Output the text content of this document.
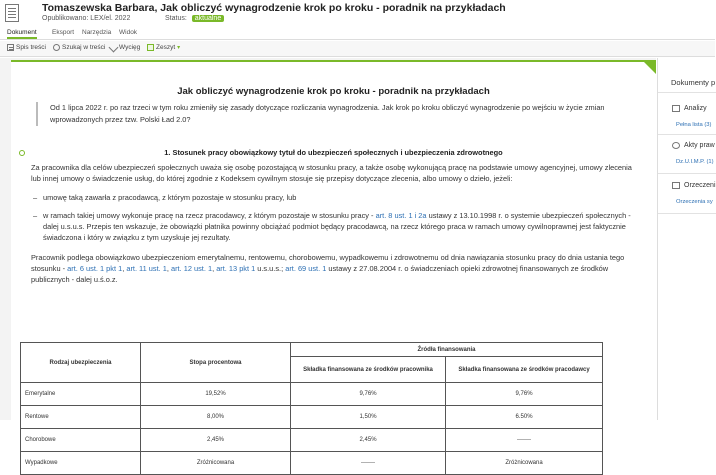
Tomaszewska Barbara, Jak obliczyć wynagrodzenie krok po kroku - poradnik na przykładach
Opublikowano: LEX/el. 2022	Status: aktualne
Dokument Eksport Narzędzia Widok
Spis treści Szukaj w treści Wycięg Zeszyt ▾
Jak obliczyć wynagrodzenie krok po kroku - poradnik na przykładach
Od 1 lipca 2022 r. po raz trzeci w tym roku zmieniły się zasady dotyczące rozliczania wynagrodzenia. Jak krok po kroku obliczyć wynagrodzenie po wejściu w życie zmian wprowadzonych przez tzw. Polski Ład 2.0?
1. Stosunek pracy obowiązkowy tytuł do ubezpieczeń społecznych i ubezpieczenia zdrowotnego
Za pracownika dla celów ubezpieczeń społecznych uważa się osobę pozostającą w stosunku pracy, a także osobę wykonującą pracę na podstawie umowy agencyjnej, umowy zlecenia lub innej umowy o świadczenie usług, do której zgodnie z Kodeksem cywilnym stosuje się przepisy dotyczące zlecenia, albo umowy o dzieło, jeżeli:
– umowę taką zawarła z pracodawcą, z którym pozostaje w stosunku pracy, lub
– w ramach takiej umowy wykonuje pracę na rzecz pracodawcy, z którym pozostaje w stosunku pracy - art. 8 ust. 1 i 2a ustawy z 13.10.1998 r. o systemie ubezpieczeń społecznych - dalej u.s.u.s. Przepis ten wskazuje, że obowiązki płatnika powinny obciążać podmiot będący pracodawcą, na rzecz którego praca w ramach umowy cywilnoprawnej jest faktycznie świadczona i który w związku z tym uzyskuje jej rezultaty.
Pracownik podlega obowiązkowo ubezpieczeniom emerytalnemu, rentowemu, chorobowemu, wypadkowemu i zdrowotnemu od dnia nawiązania stosunku pracy do dnia ustania tego stosunku - art. 6 ust. 1 pkt 1, art. 11 ust. 1, art. 12 ust. 1, art. 13 pkt 1 u.s.u.s.; art. 69 ust. 1 ustawy z 27.08.2004 r. o świadczeniach opieki zdrowotnej finansowanych ze środków publicznych - dalej u.ś.o.z.
Rodzaj ubezpieczenia	Stopa procentowa	Źródła finansowania	
		Składka finansowana ze środków pracownika	Składka finansowana ze środków pracodawcy
Emerytalne	19,52%	9,76%	9,76%
Rentowe	8,00%	1,50%	6.50%
Chorobowe	2,45%	2,45%	-------
Wypadkowe	Zróżnicowana	-------	Zróżnicowana
Dokumenty p
Analizy
Pełna lista (3)
Akty praw
Dz.U.I.M.P. (1)
Orzeczeni
Orzeczenia sy
